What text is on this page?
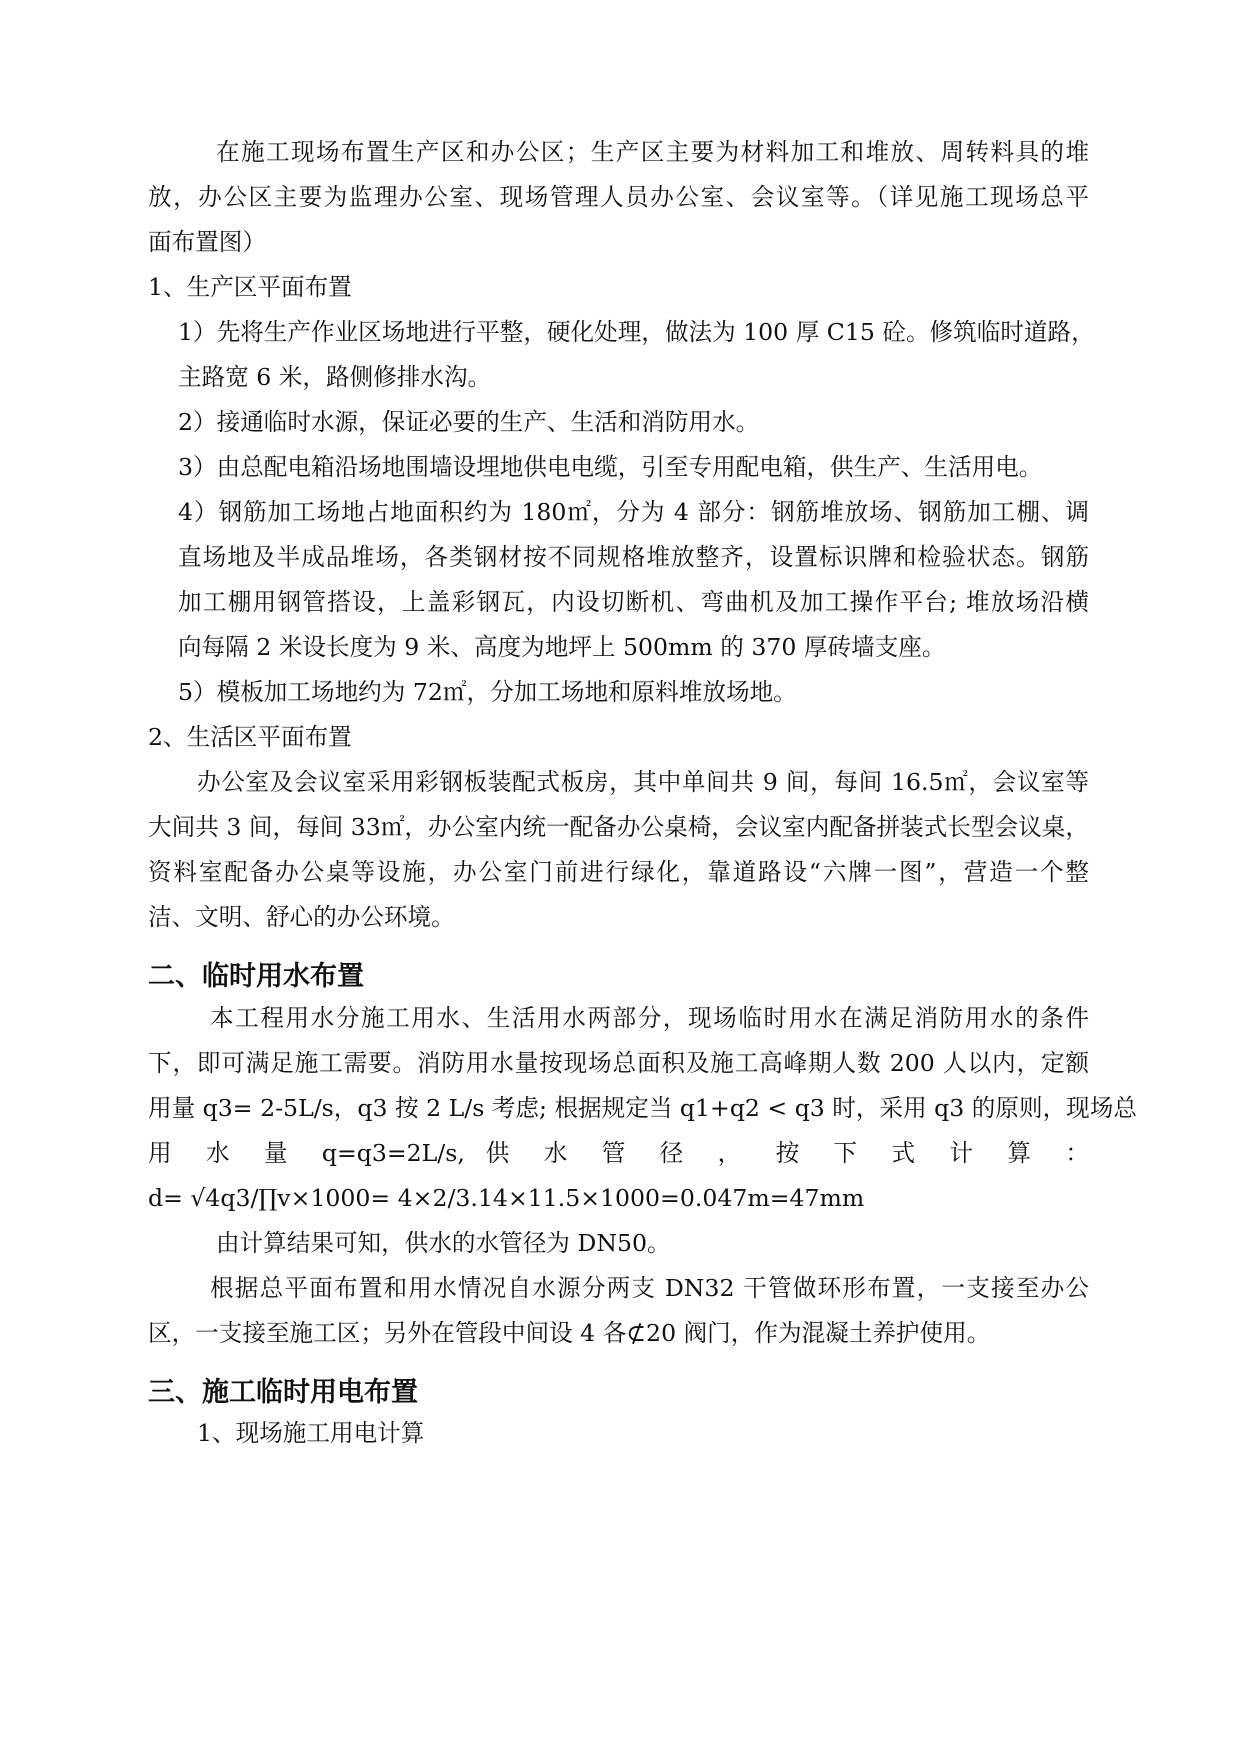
在施工现场布置生产区和办公区；生产区主要为材料加工和堆放、周转料具的堆

放，办公区主要为监理办公室、现场管理人员办公室、会议室等。（详见施工现场总平

面布置图）

1、生产区平面布置

1）先将生产作业区场地进行平整，硬化处理，做法为 100 厚 C15 砼。修筑临时道路，

主路宽 6 米，路侧修排水沟。

2）接通临时水源，保证必要的生产、生活和消防用水。

3）由总配电箱沿场地围墙设埋地供电电缆，引至专用配电箱，供生产、生活用电。

4）钢筋加工场地占地面积约为 180㎡，分为 4 部分：钢筋堆放场、钢筋加工棚、调

直场地及半成品堆场，各类钢材按不同规格堆放整齐，设置标识牌和检验状态。钢筋

加工棚用钢管搭设，上盖彩钢瓦，内设切断机、弯曲机及加工操作平台; 堆放场沿横

向每隔 2 米设长度为 9 米、高度为地坪上 500mm 的 370 厚砖墙支座。

5）模板加工场地约为 72㎡，分加工场地和原料堆放场地。

2、生活区平面布置

办公室及会议室采用彩钢板装配式板房，其中单间共 9 间，每间 16.5㎡，会议室等

大间共 3 间，每间 33㎡，办公室内统一配备办公桌椅，会议室内配备拼装式长型会议桌，

资料室配备办公桌等设施，办公室门前进行绿化，靠道路设“六牌一图”，营造一个整

洁、文明、舒心的办公环境。

二、临时用水布置

本工程用水分施工用水、生活用水两部分，现场临时用水在满足消防用水的条件

下，即可满足施工需要。消防用水量按现场总面积及施工高峰期人数 200 人以内，定额

用量 q3= 2-5L/s，q3 按 2 L/s 考虑; 根据规定当 q1+q2 < q3 时，采用 q3 的原则，现场总

用 水 量 q=q3=2L/s, 供 水 管 径 ， 按 下 式 计 算 ：

d= √4q3/∏v×1000= 4×2/3.14×11.5×1000=0.047m=47mm

由计算结果可知，供水的水管径为 DN50。

根据总平面布置和用水情况自水源分两支 DN32 干管做环形布置，一支接至办公

区，一支接至施工区；另外在管段中间设 4 各⊄20 阀门，作为混凝土养护使用。

三、施工临时用电布置

1、现场施工用电计算
